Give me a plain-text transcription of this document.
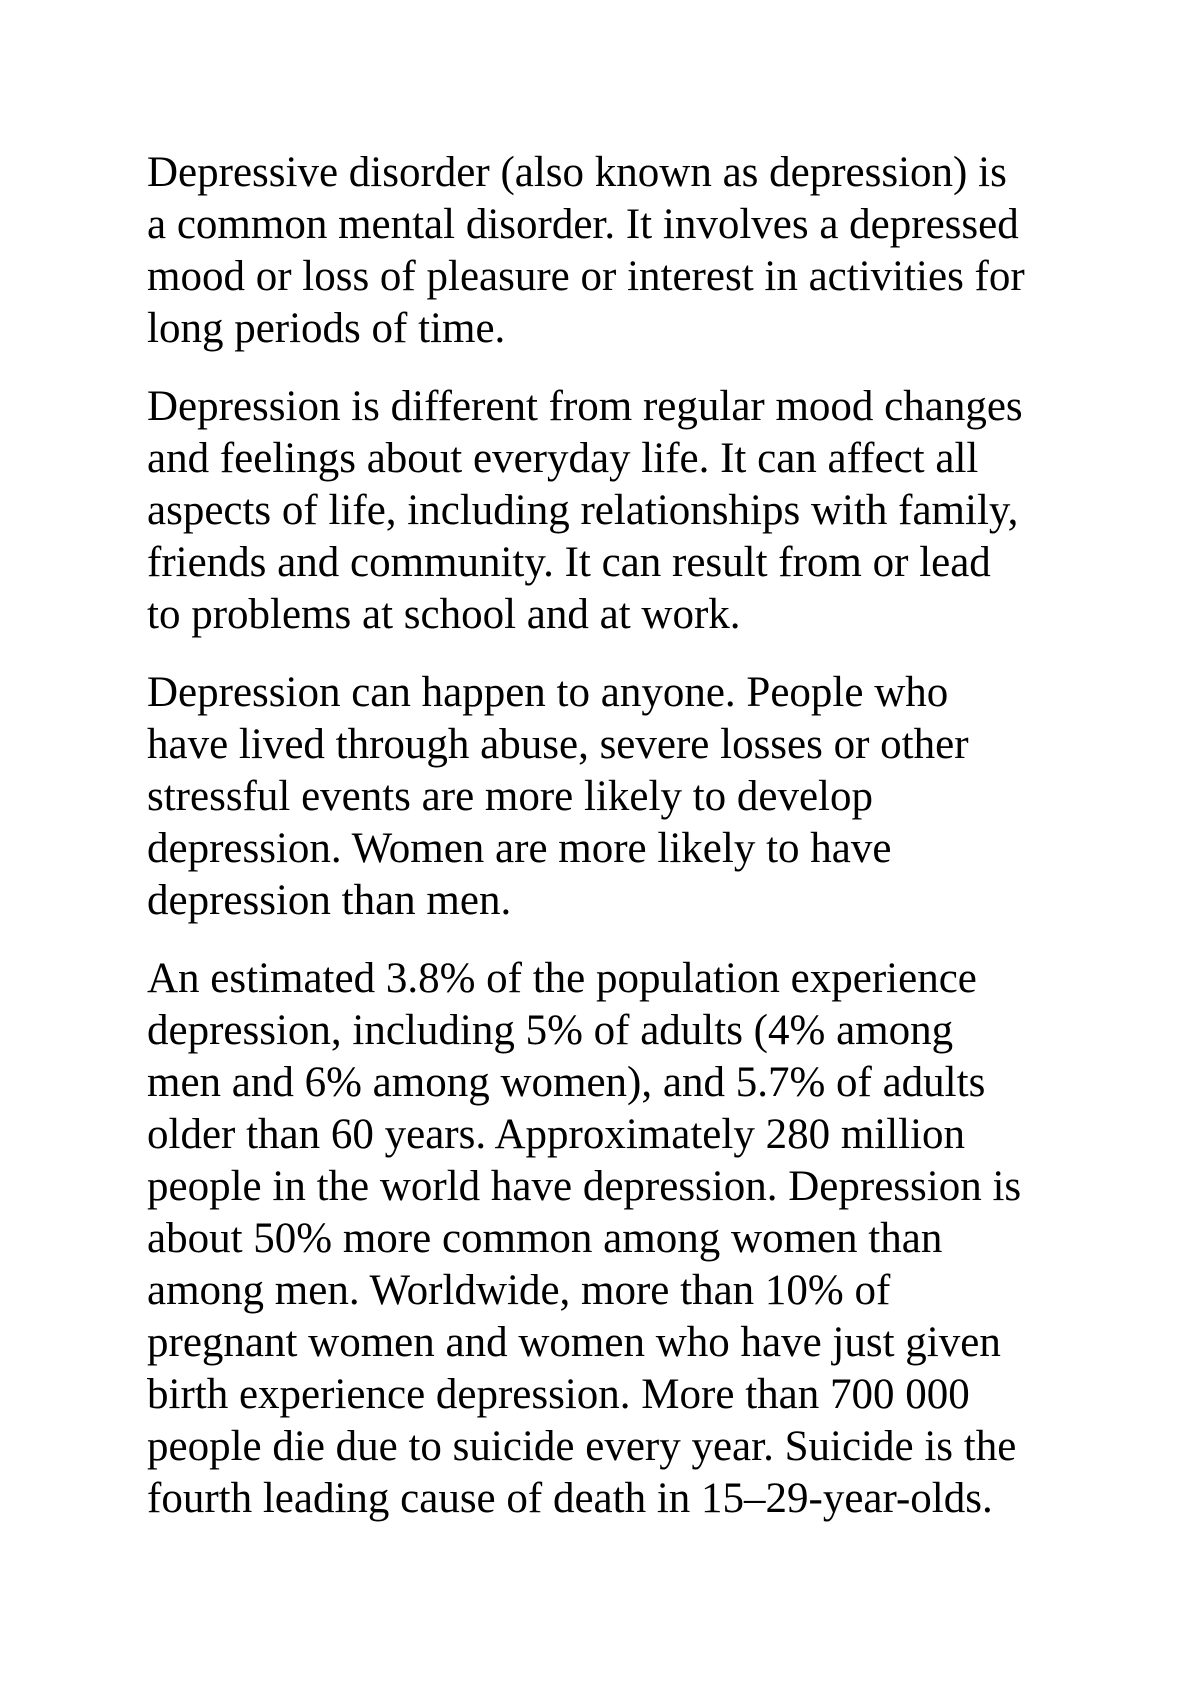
Depressive disorder (also known as depression) is
a common mental disorder. It involves a depressed
mood or loss of pleasure or interest in activities for
long periods of time.

Depression is different from regular mood changes
and feelings about everyday life. It can affect all
aspects of life, including relationships with family,
friends and community. It can result from or lead
to problems at school and at work.

Depression can happen to anyone. People who
have lived through abuse, severe losses or other
stressful events are more likely to develop
depression. Women are more likely to have
depression than men.

An estimated 3.8% of the population experience
depression, including 5% of adults (4% among
men and 6% among women), and 5.7% of adults
older than 60 years. Approximately 280 million
people in the world have depression. Depression is
about 50% more common among women than
among men. Worldwide, more than 10% of
pregnant women and women who have just given
birth experience depression. More than 700 000
people die due to suicide every year. Suicide is the
fourth leading cause of death in 15–29-year-olds.
